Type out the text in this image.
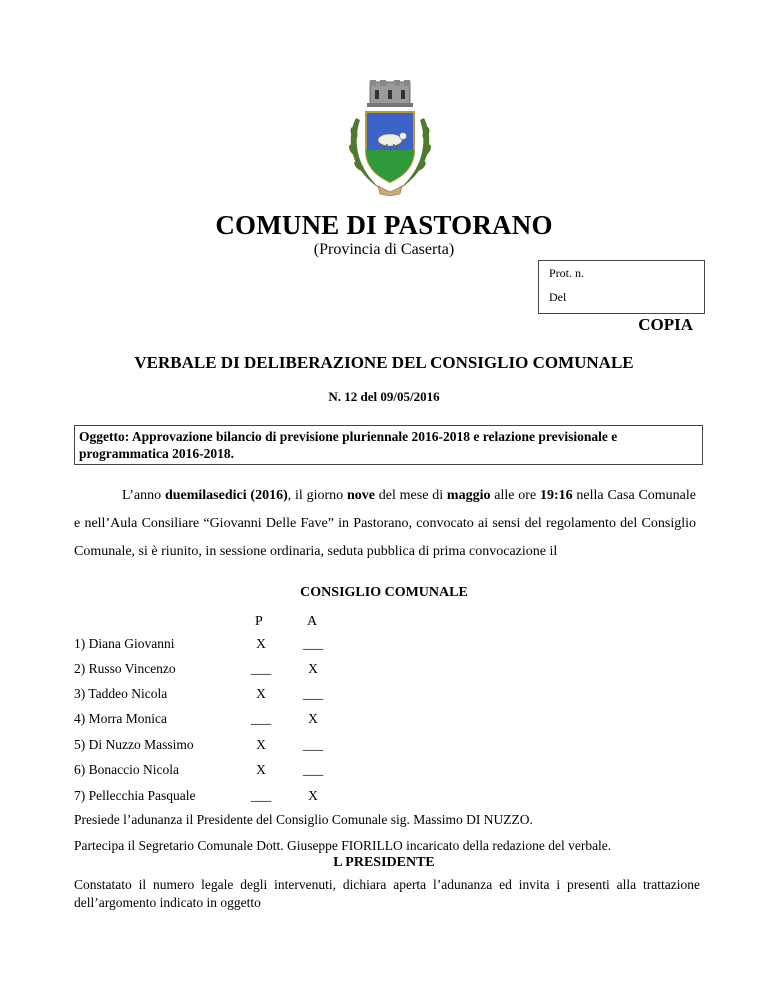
COMUNE DI PASTORANO
(Provincia di Caserta)
Prot. n.
Del
COPIA
VERBALE DI DELIBERAZIONE DEL CONSIGLIO COMUNALE
N. 12 del 09/05/2016
Oggetto: Approvazione bilancio di previsione pluriennale 2016-2018 e relazione previsionale e programmatica 2016-2018.

L’anno duemilasedici (2016), il giorno nove del mese di maggio alle ore 19:16 nella Casa Comunale e nell’Aula Consiliare “Giovanni Delle Fave” in Pastorano, convocato ai sensi del regolamento del Consiglio Comunale, si è riunito, in sessione ordinaria, seduta pubblica di prima convocazione il

CONSIGLIO COMUNALE
P	A
1) Diana Giovanni	X	___
2) Russo Vincenzo	___	X
3) Taddeo Nicola	X	___
4) Morra Monica	___	X
5) Di Nuzzo Massimo	X	___
6) Bonaccio Nicola	X	___
7) Pellecchia Pasquale	___	X
Presiede l’adunanza il Presidente del Consiglio Comunale sig. Massimo DI NUZZO.
Partecipa il Segretario Comunale Dott. Giuseppe FIORILLO incaricato della redazione del verbale.
L PRESIDENTE
Constatato il numero legale degli intervenuti, dichiara aperta l’adunanza ed invita i presenti alla trattazione dell’argomento indicato in oggetto
